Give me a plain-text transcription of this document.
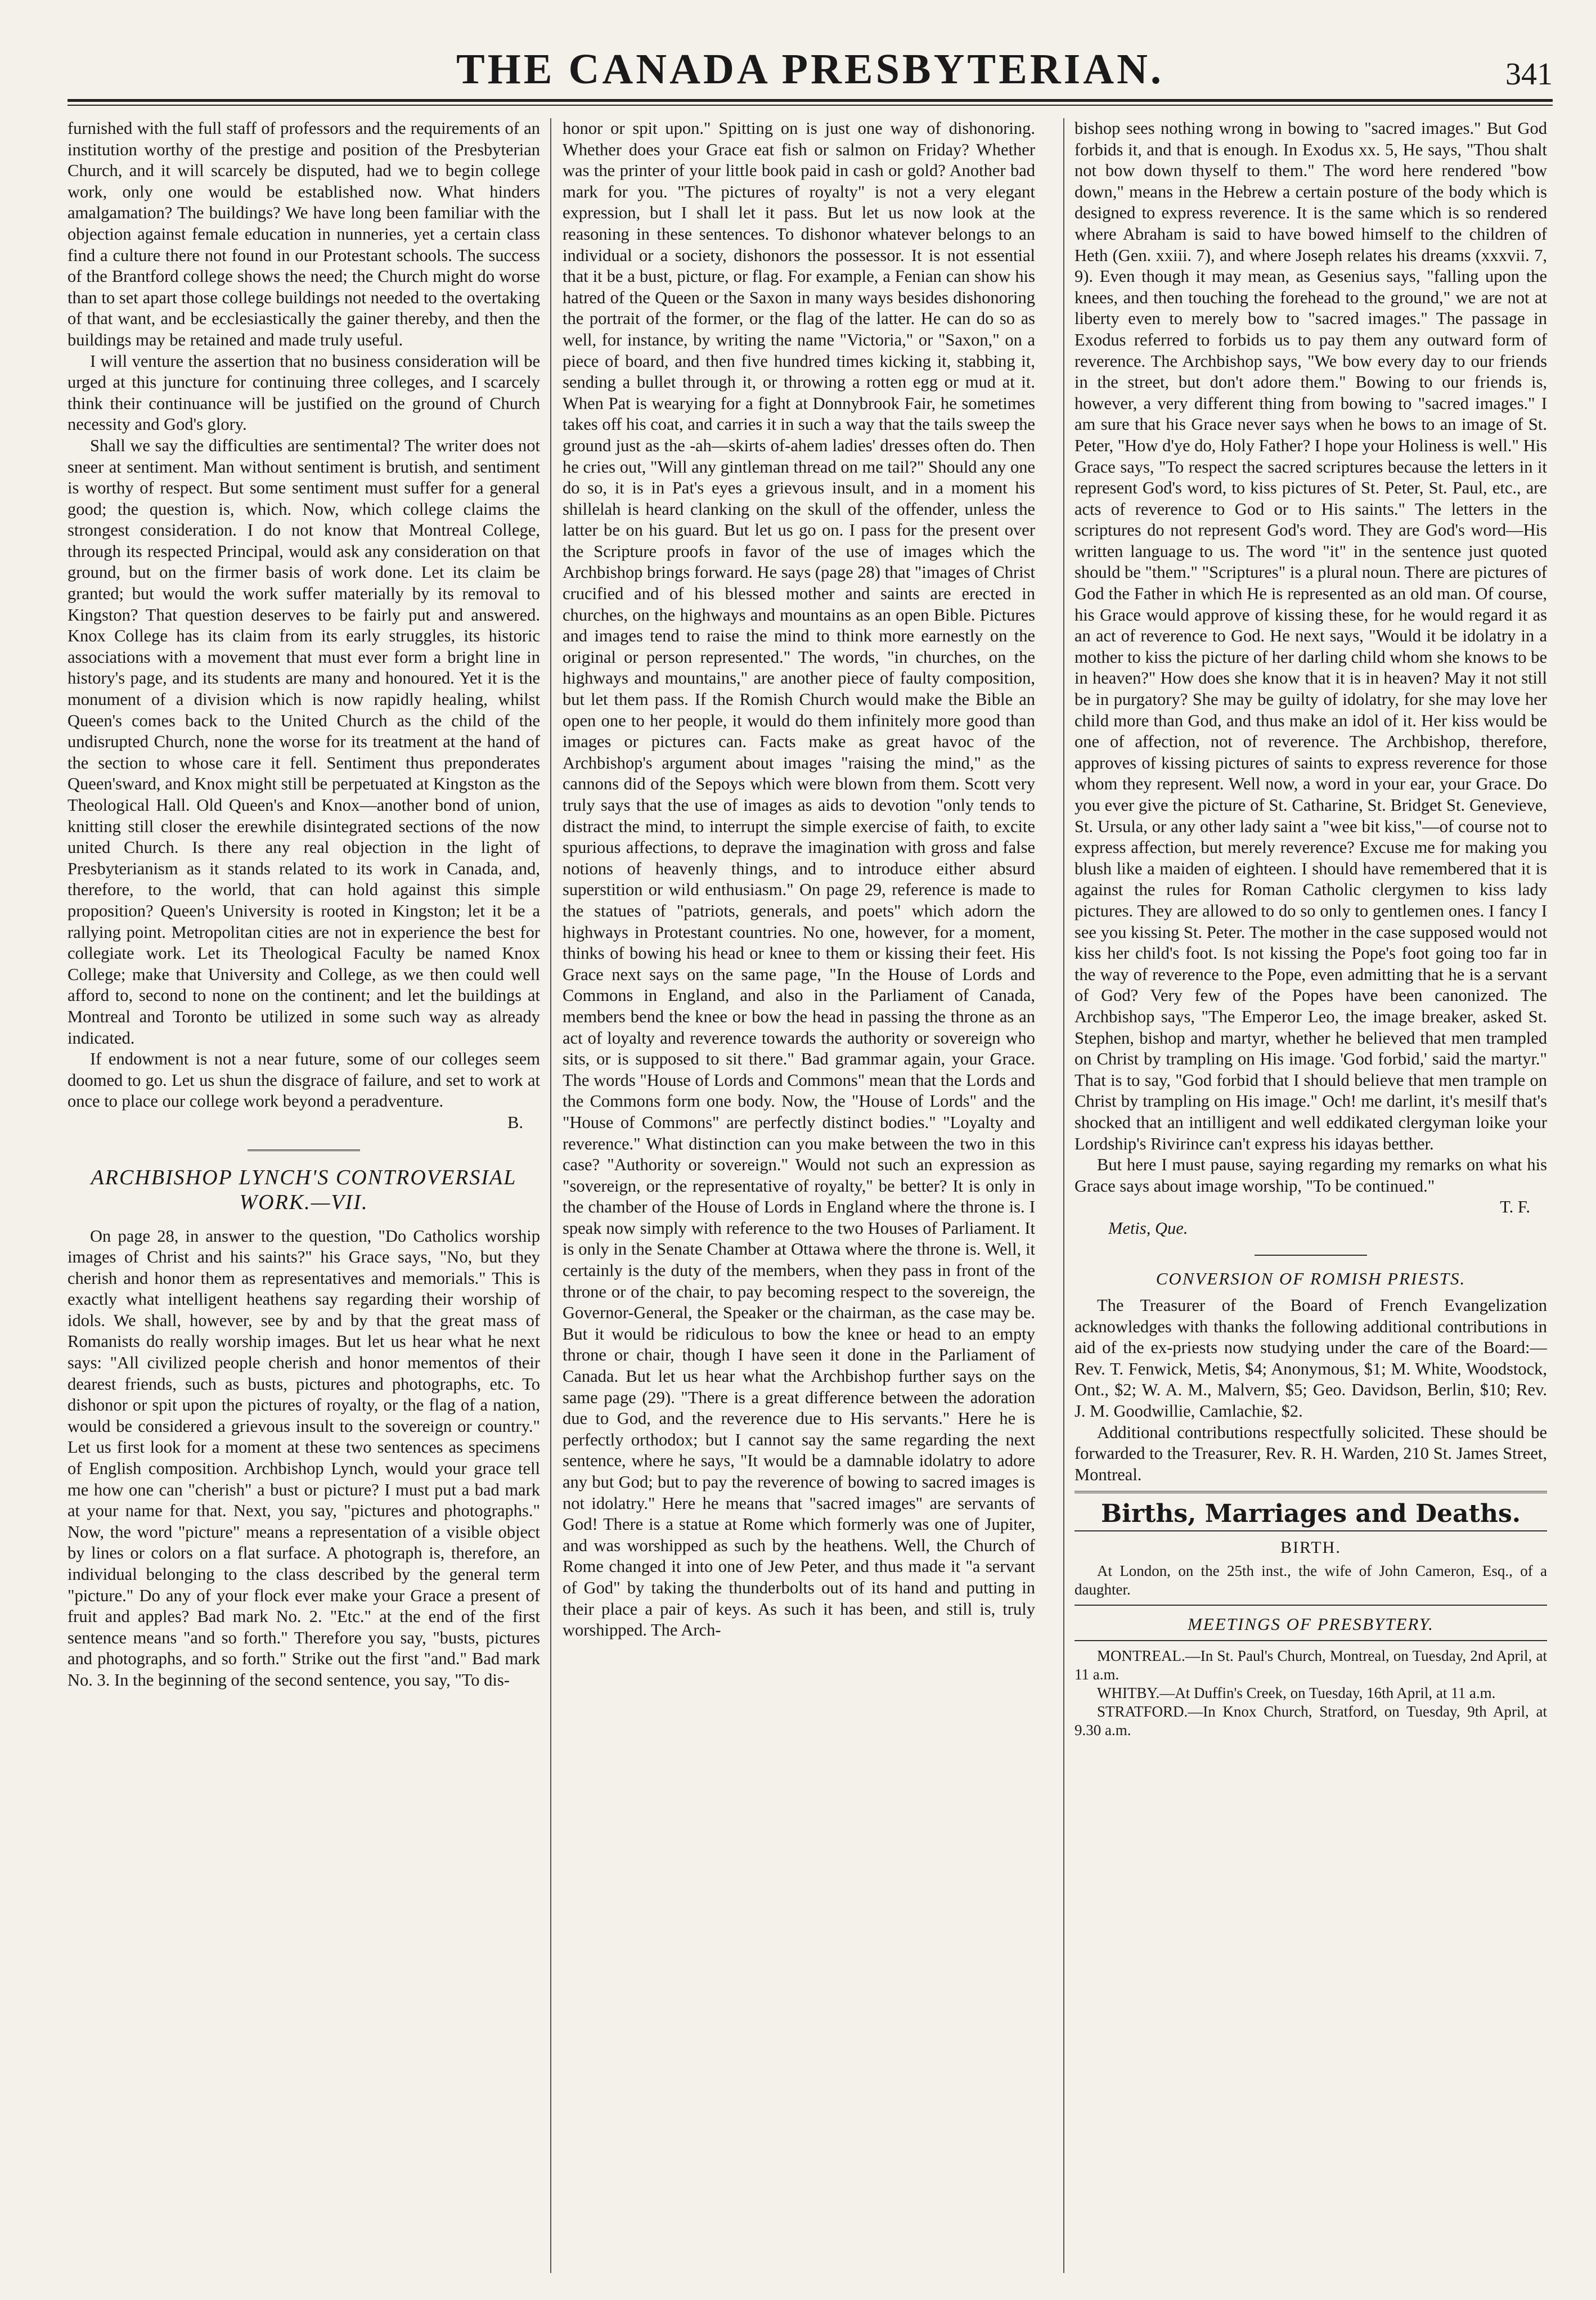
THE CANADA PRESBYTERIAN.	341

furnished with the full staff of professors and the requirements of an institution worthy of the prestige and position of the Presbyterian Church, and it will scarcely be disputed, had we to begin college work, only one would be established now. What hinders amalgamation? The buildings? We have long been familiar with the objection against female education in nunneries, yet a certain class find a culture there not found in our Protestant schools. The success of the Brantford college shows the need; the Church might do worse than to set apart those college buildings not needed to the overtaking of that want, and be ecclesiastically the gainer thereby, and then the buildings may be retained and made truly useful.

I will venture the assertion that no business consideration will be urged at this juncture for continuing three colleges, and I scarcely think their continuance will be justified on the ground of Church necessity and God's glory.

Shall we say the difficulties are sentimental? The writer does not sneer at sentiment. Man without sentiment is brutish, and sentiment is worthy of respect. But some sentiment must suffer for a general good; the question is, which. Now, which college claims the strongest consideration. I do not know that Montreal College, through its respected Principal, would ask any consideration on that ground, but on the firmer basis of work done. Let its claim be granted; but would the work suffer materially by its removal to Kingston? That question deserves to be fairly put and answered. Knox College has its claim from its early struggles, its historic associations with a movement that must ever form a bright line in history's page, and its students are many and honoured. Yet it is the monument of a division which is now rapidly healing, whilst Queen's comes back to the United Church as the child of the undisrupted Church, none the worse for its treatment at the hand of the section to whose care it fell. Sentiment thus preponderates Queen'sward, and Knox might still be perpetuated at Kingston as the Theological Hall. Old Queen's and Knox—another bond of union, knitting still closer the erewhile disintegrated sections of the now united Church. Is there any real objection in the light of Presbyterianism as it stands related to its work in Canada, and, therefore, to the world, that can hold against this simple proposition? Queen's University is rooted in Kingston; let it be a rallying point. Metropolitan cities are not in experience the best for collegiate work. Let its Theological Faculty be named Knox College; make that University and College, as we then could well afford to, second to none on the continent; and let the buildings at Montreal and Toronto be utilized in some such way as already indicated.

If endowment is not a near future, some of our colleges seem doomed to go. Let us shun the disgrace of failure, and set to work at once to place our college work beyond a peradventure.

B.

ARCHBISHOP LYNCH'S CONTROVERSIAL WORK.—VII.

On page 28, in answer to the question, "Do Catholics worship images of Christ and his saints?" his Grace says, "No, but they cherish and honor them as representatives and memorials." This is exactly what intelligent heathens say regarding their worship of idols. We shall, however, see by and by that the great mass of Romanists do really worship images. But let us hear what he next says: "All civilized people cherish and honor mementos of their dearest friends, such as busts, pictures and photographs, etc. To dishonor or spit upon the pictures of royalty, or the flag of a nation, would be considered a grievous insult to the sovereign or country." Let us first look for a moment at these two sentences as specimens of English composition. Archbishop Lynch, would your grace tell me how one can "cherish" a bust or picture? I must put a bad mark at your name for that. Next, you say, "pictures and photographs." Now, the word "picture" means a representation of a visible object by lines or colors on a flat surface. A photograph is, therefore, an individual belonging to the class described by the general term "picture." Do any of your flock ever make your Grace a present of fruit and apples? Bad mark No. 2. "Etc." at the end of the first sentence means "and so forth." Therefore you say, "busts, pictures and photographs, and so forth." Strike out the first "and." Bad mark No. 3. In the beginning of the second sentence, you say, "To dis-

honor or spit upon." Spitting on is just one way of dishonoring. Whether does your Grace eat fish or salmon on Friday? Whether was the printer of your little book paid in cash or gold? Another bad mark for you. "The pictures of royalty" is not a very elegant expression, but I shall let it pass. But let us now look at the reasoning in these sentences. To dishonor whatever belongs to an individual or a society, dishonors the possessor. It is not essential that it be a bust, picture, or flag. For example, a Fenian can show his hatred of the Queen or the Saxon in many ways besides dishonoring the portrait of the former, or the flag of the latter. He can do so as well, for instance, by writing the name "Victoria," or "Saxon," on a piece of board, and then five hundred times kicking it, stabbing it, sending a bullet through it, or throwing a rotten egg or mud at it. When Pat is wearying for a fight at Donnybrook Fair, he sometimes takes off his coat, and carries it in such a way that the tails sweep the ground just as the -ah—skirts of-ahem ladies' dresses often do. Then he cries out, "Will any gintleman thread on me tail?" Should any one do so, it is in Pat's eyes a grievous insult, and in a moment his shillelah is heard clanking on the skull of the offender, unless the latter be on his guard. But let us go on. I pass for the present over the Scripture proofs in favor of the use of images which the Archbishop brings forward. He says (page 28) that "images of Christ crucified and of his blessed mother and saints are erected in churches, on the highways and mountains as an open Bible. Pictures and images tend to raise the mind to think more earnestly on the original or person represented." The words, "in churches, on the highways and mountains," are another piece of faulty composition, but let them pass. If the Romish Church would make the Bible an open one to her people, it would do them infinitely more good than images or pictures can. Facts make as great havoc of the Archbishop's argument about images "raising the mind," as the cannons did of the Sepoys which were blown from them. Scott very truly says that the use of images as aids to devotion "only tends to distract the mind, to interrupt the simple exercise of faith, to excite spurious affections, to deprave the imagination with gross and false notions of heavenly things, and to introduce either absurd superstition or wild enthusiasm." On page 29, reference is made to the statues of "patriots, generals, and poets" which adorn the highways in Protestant countries. No one, however, for a moment, thinks of bowing his head or knee to them or kissing their feet. His Grace next says on the same page, "In the House of Lords and Commons in England, and also in the Parliament of Canada, members bend the knee or bow the head in passing the throne as an act of loyalty and reverence towards the authority or sovereign who sits, or is supposed to sit there." Bad grammar again, your Grace. The words "House of Lords and Commons" mean that the Lords and the Commons form one body. Now, the "House of Lords" and the "House of Commons" are perfectly distinct bodies." "Loyalty and reverence." What distinction can you make between the two in this case? "Authority or sovereign." Would not such an expression as "sovereign, or the representative of royalty," be better? It is only in the chamber of the House of Lords in England where the throne is. I speak now simply with reference to the two Houses of Parliament. It is only in the Senate Chamber at Ottawa where the throne is. Well, it certainly is the duty of the members, when they pass in front of the throne or of the chair, to pay becoming respect to the sovereign, the Governor-General, the Speaker or the chairman, as the case may be. But it would be ridiculous to bow the knee or head to an empty throne or chair, though I have seen it done in the Parliament of Canada. But let us hear what the Archbishop further says on the same page (29). "There is a great difference between the adoration due to God, and the reverence due to His servants." Here he is perfectly orthodox; but I cannot say the same regarding the next sentence, where he says, "It would be a damnable idolatry to adore any but God; but to pay the reverence of bowing to sacred images is not idolatry." Here he means that "sacred images" are servants of God! There is a statue at Rome which formerly was one of Jupiter, and was worshipped as such by the heathens. Well, the Church of Rome changed it into one of Jew Peter, and thus made it "a servant of God" by taking the thunderbolts out of its hand and putting in their place a pair of keys. As such it has been, and still is, truly worshipped. The Arch-

bishop sees nothing wrong in bowing to "sacred images." But God forbids it, and that is enough. In Exodus xx. 5, He says, "Thou shalt not bow down thyself to them." The word here rendered "bow down," means in the Hebrew a certain posture of the body which is designed to express reverence. It is the same which is so rendered where Abraham is said to have bowed himself to the children of Heth (Gen. xxiii. 7), and where Joseph relates his dreams (xxxvii. 7, 9). Even though it may mean, as Gesenius says, "falling upon the knees, and then touching the forehead to the ground," we are not at liberty even to merely bow to "sacred images." The passage in Exodus referred to forbids us to pay them any outward form of reverence. The Archbishop says, "We bow every day to our friends in the street, but don't adore them." Bowing to our friends is, however, a very different thing from bowing to "sacred images." I am sure that his Grace never says when he bows to an image of St. Peter, "How d'ye do, Holy Father? I hope your Holiness is well." His Grace says, "To respect the sacred scriptures because the letters in it represent God's word, to kiss pictures of St. Peter, St. Paul, etc., are acts of reverence to God or to His saints." The letters in the scriptures do not represent God's word. They are God's word—His written language to us. The word "it" in the sentence just quoted should be "them." "Scriptures" is a plural noun. There are pictures of God the Father in which He is represented as an old man. Of course, his Grace would approve of kissing these, for he would regard it as an act of reverence to God. He next says, "Would it be idolatry in a mother to kiss the picture of her darling child whom she knows to be in heaven?" How does she know that it is in heaven? May it not still be in purgatory? She may be guilty of idolatry, for she may love her child more than God, and thus make an idol of it. Her kiss would be one of affection, not of reverence. The Archbishop, therefore, approves of kissing pictures of saints to express reverence for those whom they represent. Well now, a word in your ear, your Grace. Do you ever give the picture of St. Catharine, St. Bridget St. Genevieve, St. Ursula, or any other lady saint a "wee bit kiss,"—of course not to express affection, but merely reverence? Excuse me for making you blush like a maiden of eighteen. I should have remembered that it is against the rules for Roman Catholic clergymen to kiss lady pictures. They are allowed to do so only to gentlemen ones. I fancy I see you kissing St. Peter. The mother in the case supposed would not kiss her child's foot. Is not kissing the Pope's foot going too far in the way of reverence to the Pope, even admitting that he is a servant of God? Very few of the Popes have been canonized. The Archbishop says, "The Emperor Leo, the image breaker, asked St. Stephen, bishop and martyr, whether he believed that men trampled on Christ by trampling on His image. 'God forbid,' said the martyr." That is to say, "God forbid that I should believe that men trample on Christ by trampling on His image." Och! me darlint, it's mesilf that's shocked that an intilligent and well eddikated clergyman loike your Lordship's Rivirince can't express his idayas betther.

But here I must pause, saying regarding my remarks on what his Grace says about image worship, "To be continued."

T. F.

Metis, Que.

CONVERSION OF ROMISH PRIESTS.

The Treasurer of the Board of French Evangelization acknowledges with thanks the following additional contributions in aid of the ex-priests now studying under the care of the Board:—Rev. T. Fenwick, Metis, $4; Anonymous, $1; M. White, Woodstock, Ont., $2; W. A. M., Malvern, $5; Geo. Davidson, Berlin, $10; Rev. J. M. Goodwillie, Camlachie, $2.

Additional contributions respectfully solicited. These should be forwarded to the Treasurer, Rev. R. H. Warden, 210 St. James Street, Montreal.

Births, Marriages and Deaths.
BIRTH.

At London, on the 25th inst., the wife of John Cameron, Esq., of a daughter.

MEETINGS OF PRESBYTERY.

MONTREAL.—In St. Paul's Church, Montreal, on Tuesday, 2nd April, at 11 a.m.

WHITBY.—At Duffin's Creek, on Tuesday, 16th April, at 11 a.m.

STRATFORD.—In Knox Church, Stratford, on Tuesday, 9th April, at 9.30 a.m.
